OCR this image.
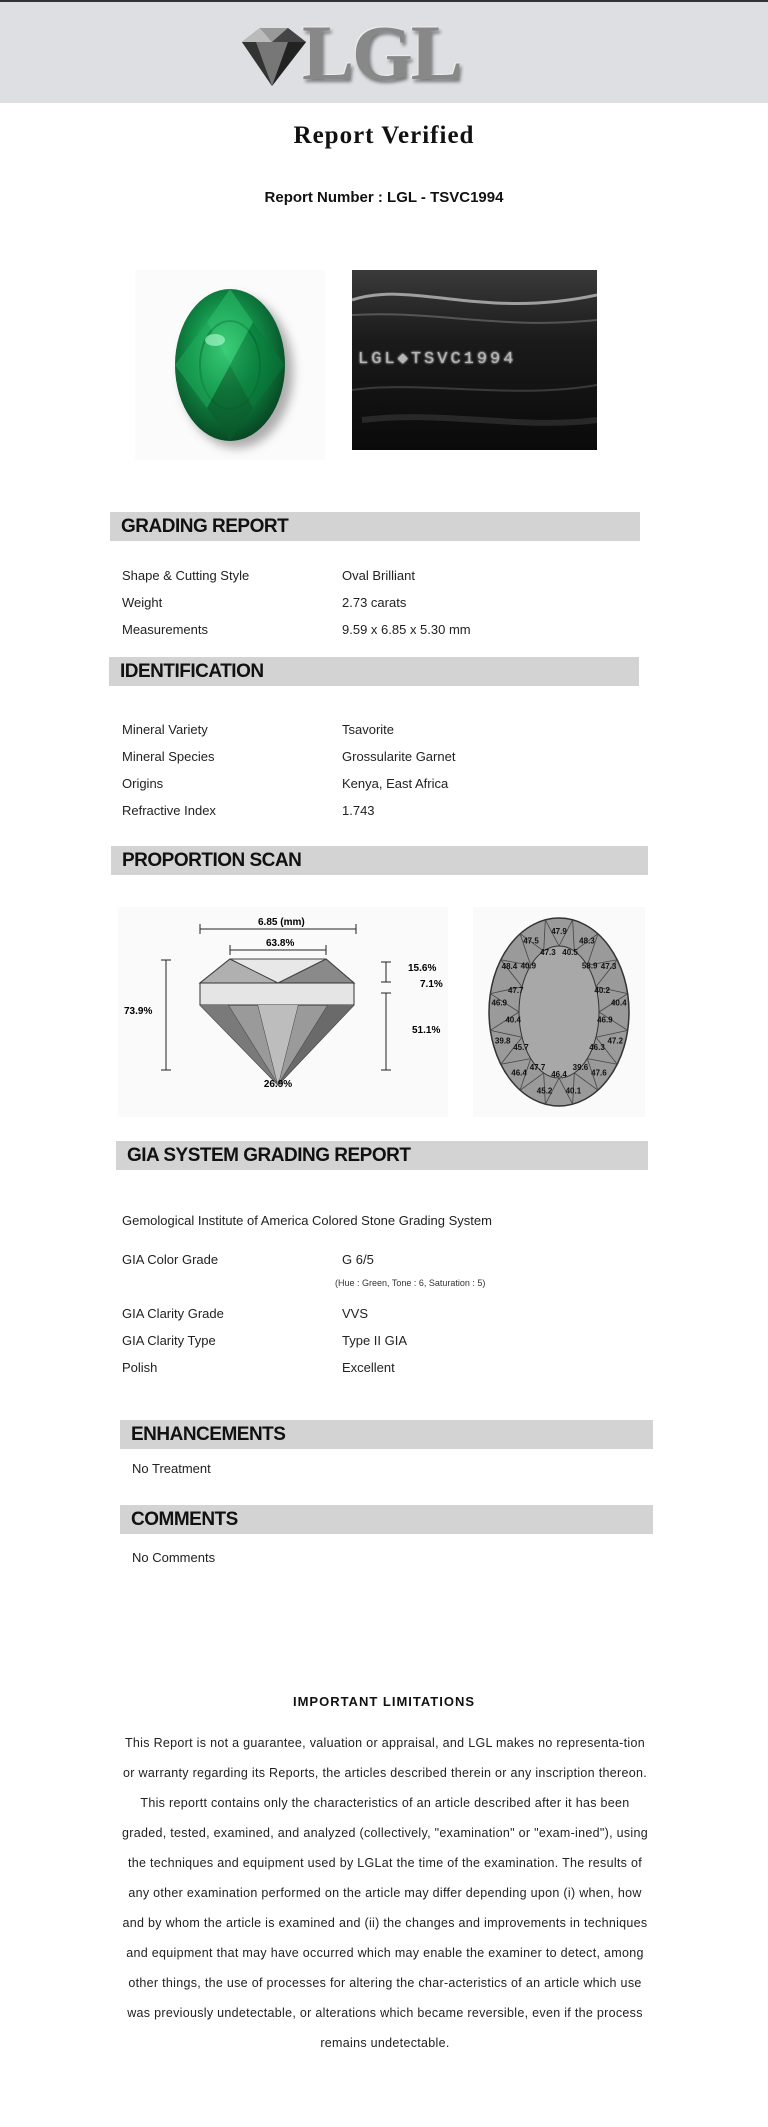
LGL
Report Verified
Report Number : LGL - TSVC1994
LGL◆TSVC1994
GRADING REPORT
Shape & Cutting Style	Oval Brilliant
Weight	2.73 carats
Measurements	9.59 x 6.85 x 5.30 mm
IDENTIFICATION
Mineral Variety	Tsavorite
Mineral Species	Grossularite Garnet
Origins	Kenya, East Africa
Refractive Index	1.743
PROPORTION SCAN
6.85 (mm)
63.8%
73.9%
15.6%
7.1%
51.1%
26.9%
47.9
40.5
48.3
58.9 47.3
40.2
40.4
46.9
47.2
46.3
47.6
39.6
40.1
46.4
45.2
47.7
46.4
45.7
39.8
40.4
46.9
47.7
48.4 40.9
47.5
47.3
GIA SYSTEM GRADING REPORT
Gemological Institute of America Colored Stone Grading System
GIA Color Grade	G 6/5
(Hue : Green, Tone : 6, Saturation : 5)
GIA Clarity Grade	VVS
GIA Clarity Type	Type II GIA
Polish	Excellent
ENHANCEMENTS
No Treatment
COMMENTS
No Comments
IMPORTANT LIMITATIONS
This Report is not a guarantee, valuation or appraisal, and LGL makes no representa-tion or warranty regarding its Reports, the articles described therein or any inscription thereon. This reportt contains only the characteristics of an article described after it has been graded, tested, examined, and analyzed (collectively, "examination" or "exam-ined"), using the techniques and equipment used by LGLat the time of the examination. The results of any other examination performed on the article may differ depending upon (i) when, how and by whom the article is examined and (ii) the changes and improvements in techniques and equipment that may have occurred which may enable the examiner to detect, among other things, the use of processes for altering the char-acteristics of an article which use was previously undetectable, or alterations which became reversible, even if the process remains undetectable.
